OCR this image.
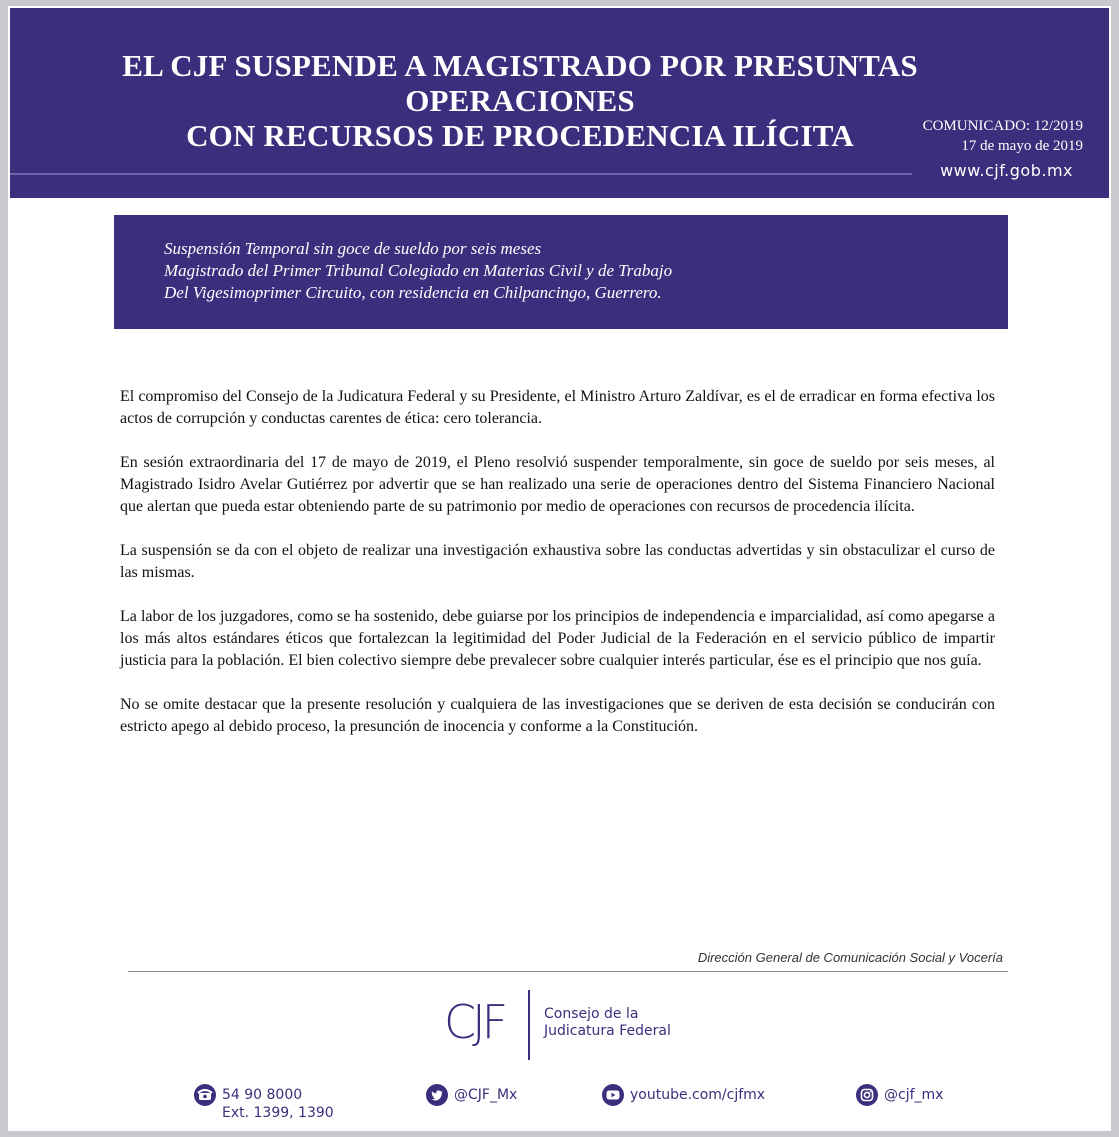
EL CJF SUSPENDE A MAGISTRADO POR PRESUNTAS
OPERACIONES
CON RECURSOS DE PROCEDENCIA ILÍCITA	COMUNICADO: 12/2019
17 de mayo de 2019
www.cjf.gob.mx

Suspensión Temporal sin goce de sueldo por seis meses
Magistrado del Primer Tribunal Colegiado en Materias Civil y de Trabajo
Del Vigesimoprimer Circuito, con residencia en Chilpancingo, Guerrero.

El compromiso del Consejo de la Judicatura Federal y su Presidente, el Ministro Arturo Zaldívar, es el de erradicar en forma efectiva los actos de corrupción y conductas carentes de ética: cero tolerancia.

En sesión extraordinaria del 17 de mayo de 2019, el Pleno resolvió suspender temporalmente, sin goce de sueldo por seis meses, al Magistrado Isidro Avelar Gutiérrez por advertir que se han realizado una serie de operaciones dentro del Sistema Financiero Nacional que alertan que pueda estar obteniendo parte de su patrimonio por medio de operaciones con recursos de procedencia ilícita.

La suspensión se da con el objeto de realizar una investigación exhaustiva sobre las conductas advertidas y sin obstaculizar el curso de las mismas.

La labor de los juzgadores, como se ha sostenido, debe guiarse por los principios de independencia e imparcialidad, así como apegarse a los más altos estándares éticos que fortalezcan la legitimidad del Poder Judicial de la Federación en el servicio público de impartir justicia para la población. El bien colectivo siempre debe prevalecer sobre cualquier interés particular, ése es el principio que nos guía.

No se omite destacar que la presente resolución y cualquiera de las investigaciones que se deriven de esta decisión se conducirán con estricto apego al debido proceso, la presunción de inocencia y conforme a la Constitución.

Dirección General de Comunicación Social y Vocería
CJF	Consejo de la
Judicatura Federal
54 90 8000
Ext. 1399, 1390
@CJF_Mx	youtube.com/cjfmx	@cjf_mx
